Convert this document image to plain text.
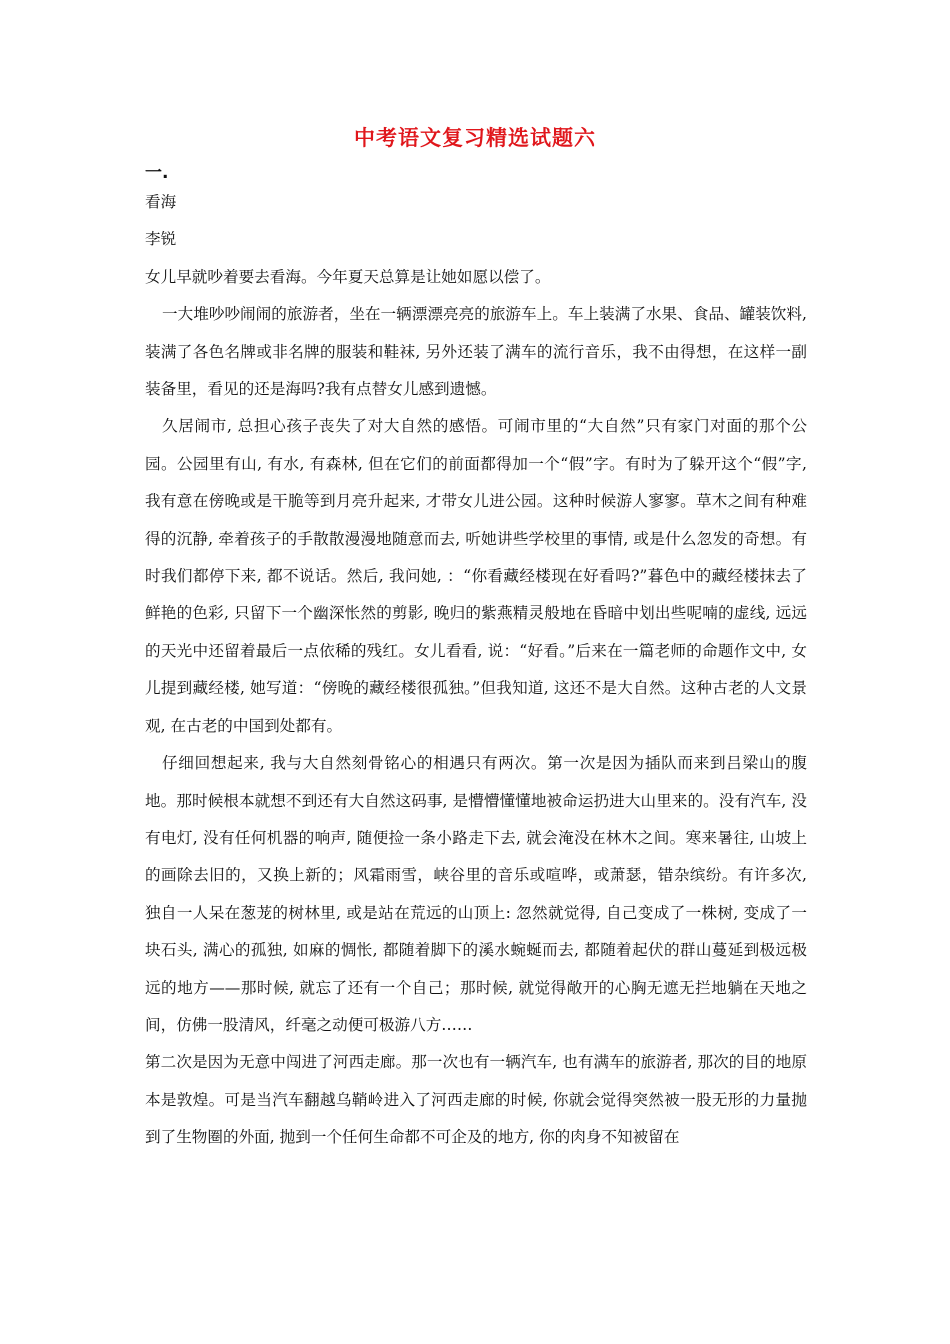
中考语文复习精选试题六
一.

看海

李锐

女儿早就吵着要去看海。今年夏天总算是让她如愿以偿了。

一大堆吵吵闹闹的旅游者，坐在一辆漂漂亮亮的旅游车上。车上装满了水果、食品、罐装饮料, 装满了各色名牌或非名牌的服装和鞋袜, 另外还装了满车的流行音乐，我不由得想，在这样一副装备里，看见的还是海吗?我有点替女儿感到遗憾。

久居闹市, 总担心孩子丧失了对大自然的感悟。可闹市里的“大自然”只有家门对面的那个公园。公园里有山, 有水, 有森林, 但在它们的前面都得加一个“假”字。有时为了躲开这个“假”字, 我有意在傍晚或是干脆等到月亮升起来, 才带女儿进公园。这种时候游人寥寥。草木之间有种难得的沉静, 牵着孩子的手散散漫漫地随意而去, 听她讲些学校里的事情, 或是什么忽发的奇想。有时我们都停下来, 都不说话。然后, 我问她, ：“你看藏经楼现在好看吗?”暮色中的藏经楼抹去了鲜艳的色彩, 只留下一个幽深怅然的剪影, 晚归的紫燕精灵般地在昏暗中划出些呢喃的虚线, 远远的天光中还留着最后一点依稀的残红。女儿看看, 说：“好看。”后来在一篇老师的命题作文中, 女儿提到藏经楼, 她写道：“傍晚的藏经楼很孤独。”但我知道, 这还不是大自然。这种古老的人文景观, 在古老的中国到处都有。

仔细回想起来, 我与大自然刻骨铭心的相遇只有两次。第一次是因为插队而来到吕梁山的腹地。那时候根本就想不到还有大自然这码事, 是懵懵懂懂地被命运扔进大山里来的。没有汽车, 没有电灯, 没有任何机器的响声, 随便捡一条小路走下去, 就会淹没在林木之间。寒来暑往, 山坡上的画除去旧的，又换上新的；风霜雨雪，峡谷里的音乐或喧哗，或萧瑟，错杂缤纷。有许多次, 独自一人呆在葱茏的树林里, 或是站在荒远的山顶上: 忽然就觉得, 自己变成了一株树, 变成了一块石头, 满心的孤独, 如麻的惆怅, 都随着脚下的溪水蜿蜒而去, 都随着起伏的群山蔓延到极远极远的地方——那时候, 就忘了还有一个自己；那时候, 就觉得敞开的心胸无遮无拦地躺在天地之间，仿佛一股清风，纤毫之动便可极游八方……

第二次是因为无意中闯进了河西走廊。那一次也有一辆汽车, 也有满车的旅游者, 那次的目的地原本是敦煌。可是当汽车翻越乌鞘岭进入了河西走廊的时候, 你就会觉得突然被一股无形的力量抛到了生物圈的外面, 抛到一个任何生命都不可企及的地方, 你的肉身不知被留在
